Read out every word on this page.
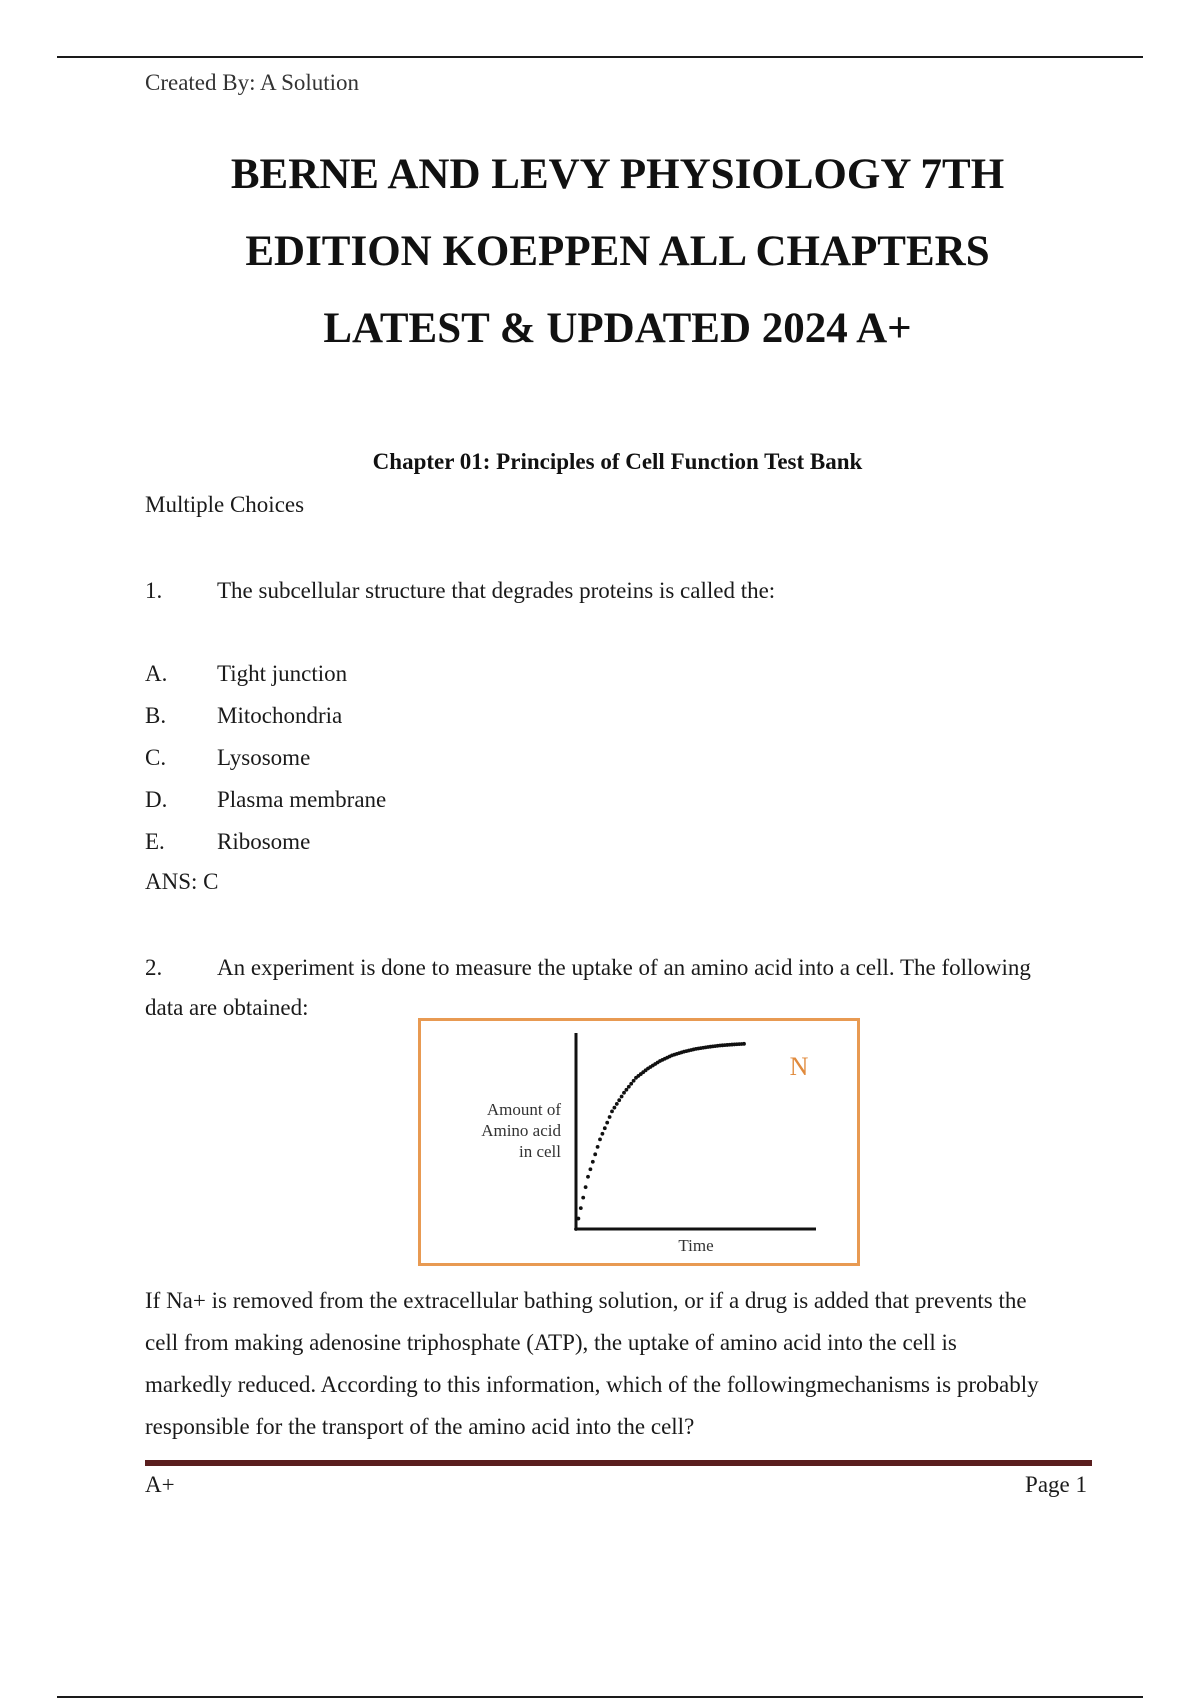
Created By: A Solution
BERNE AND LEVY PHYSIOLOGY 7TH
EDITION KOEPPEN ALL CHAPTERS
LATEST & UPDATED 2024 A+
Chapter 01: Principles of Cell Function Test Bank
Multiple Choices
1. The subcellular structure that degrades proteins is called the:
A. Tight junction
B. Mitochondria
C. Lysosome
D. Plasma membrane
E. Ribosome
ANS: C
2. An experiment is done to measure the uptake of an amino acid into a cell. The following
data are obtained:
Amount of
Amino acid
in cell
Time
N
If Na+ is removed from the extracellular bathing solution, or if a drug is added that prevents the
cell from making adenosine triphosphate (ATP), the uptake of amino acid into the cell is
markedly reduced. According to this information, which of the followingmechanisms is probably
responsible for the transport of the amino acid into the cell?
A+	Page 1
